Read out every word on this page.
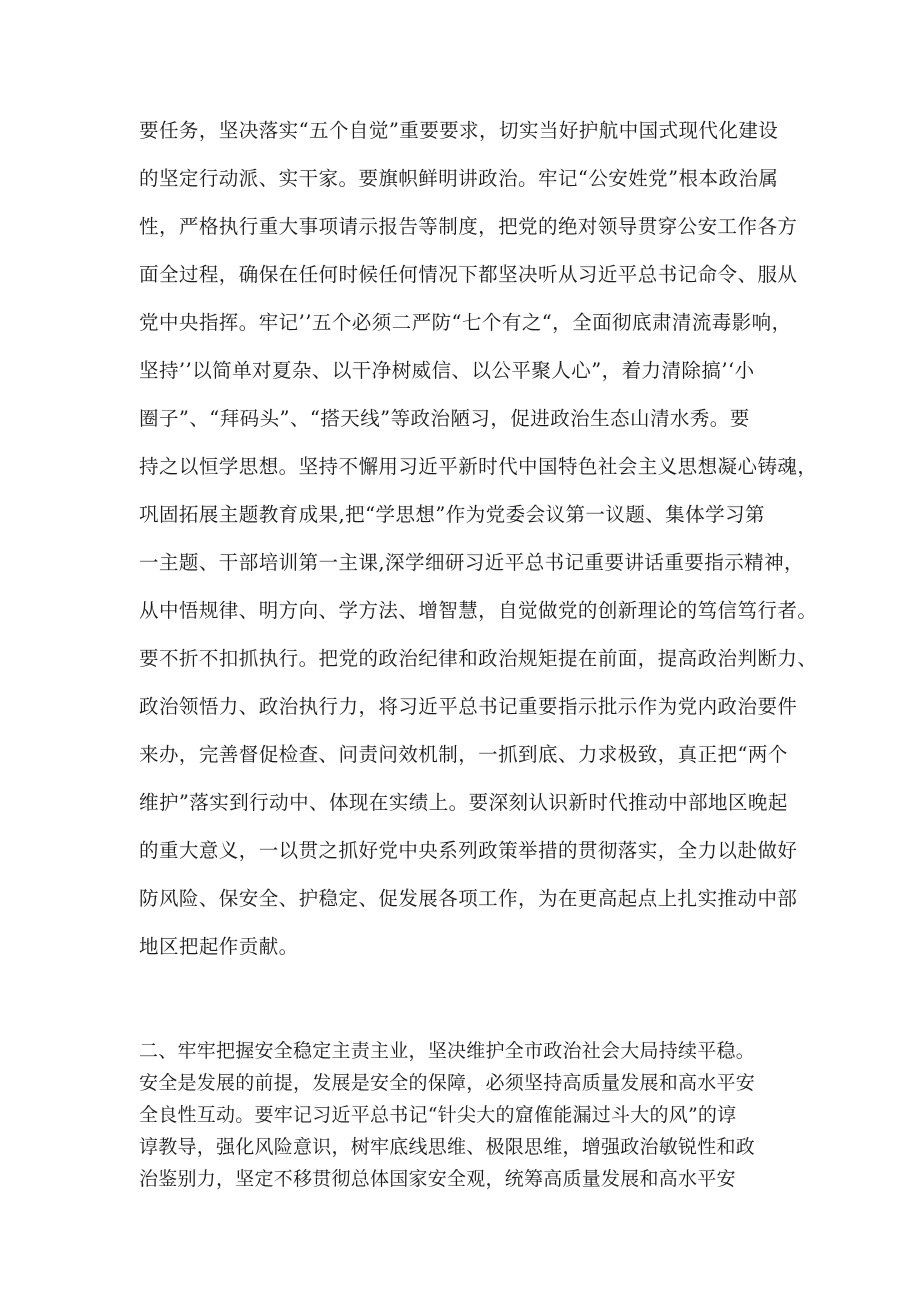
要任务，坚决落实“五个自觉”重要要求，切实当好护航中国式现代化建设

的坚定行动派、实干家。要旗帜鲜明讲政治。牢记“公安姓党”根本政治属

性，严格执行重大事项请示报告等制度，把党的绝对领导贯穿公安工作各方

面全过程，确保在任何时候任何情况下都坚决听从习近平总书记命令、服从

党中央指挥。牢记’’五个必须二严防“七个有之“，全面彻底肃清流毒影响，

坚持’’以简单对夏杂、以干净树威信、以公平聚人心”，着力清除搞’‘小

圈子”、“拜码头”、“搭天线”等政治陋习，促进政治生态山清水秀。要

持之以恒学思想。坚持不懈用习近平新时代中国特色社会主义思想凝心铸魂，

巩固拓展主题教育成果,把“学思想”作为党委会议第一议题、集体学习第

一主题、干部培训第一主课,深学细研习近平总书记重要讲话重要指示精神，

从中悟规律、明方向、学方法、增智慧，自觉做党的创新理论的笃信笃行者。

要不折不扣抓执行。把党的政治纪律和政治规矩提在前面，提高政治判断力、

政治领悟力、政治执行力，将习近平总书记重要指示批示作为党内政治要件

来办，完善督促检查、问责问效机制，一抓到底、力求极致，真正把“两个

维护”落实到行动中、体现在实绩上。要深刻认识新时代推动中部地区晚起

的重大意义，一以贯之抓好党中央系列政策举措的贯彻落实，全力以赴做好

防风险、保安全、护稳定、促发展各项工作，为在更高起点上扎实推动中部

地区把起作贡献。

二、牢牢把握安全稳定主责主业，坚决维护全市政治社会大局持续平稳。

安全是发展的前提，发展是安全的保障，必须坚持高质量发展和高水平安

全良性互动。要牢记习近平总书记“针尖大的窟傕能漏过斗大的风”的谆

谆教导，强化风险意识，树牢底线思维、极限思维，增强政治敏锐性和政

治鉴别力，坚定不移贯彻总体国家安全观，统筹高质量发展和高水平安
